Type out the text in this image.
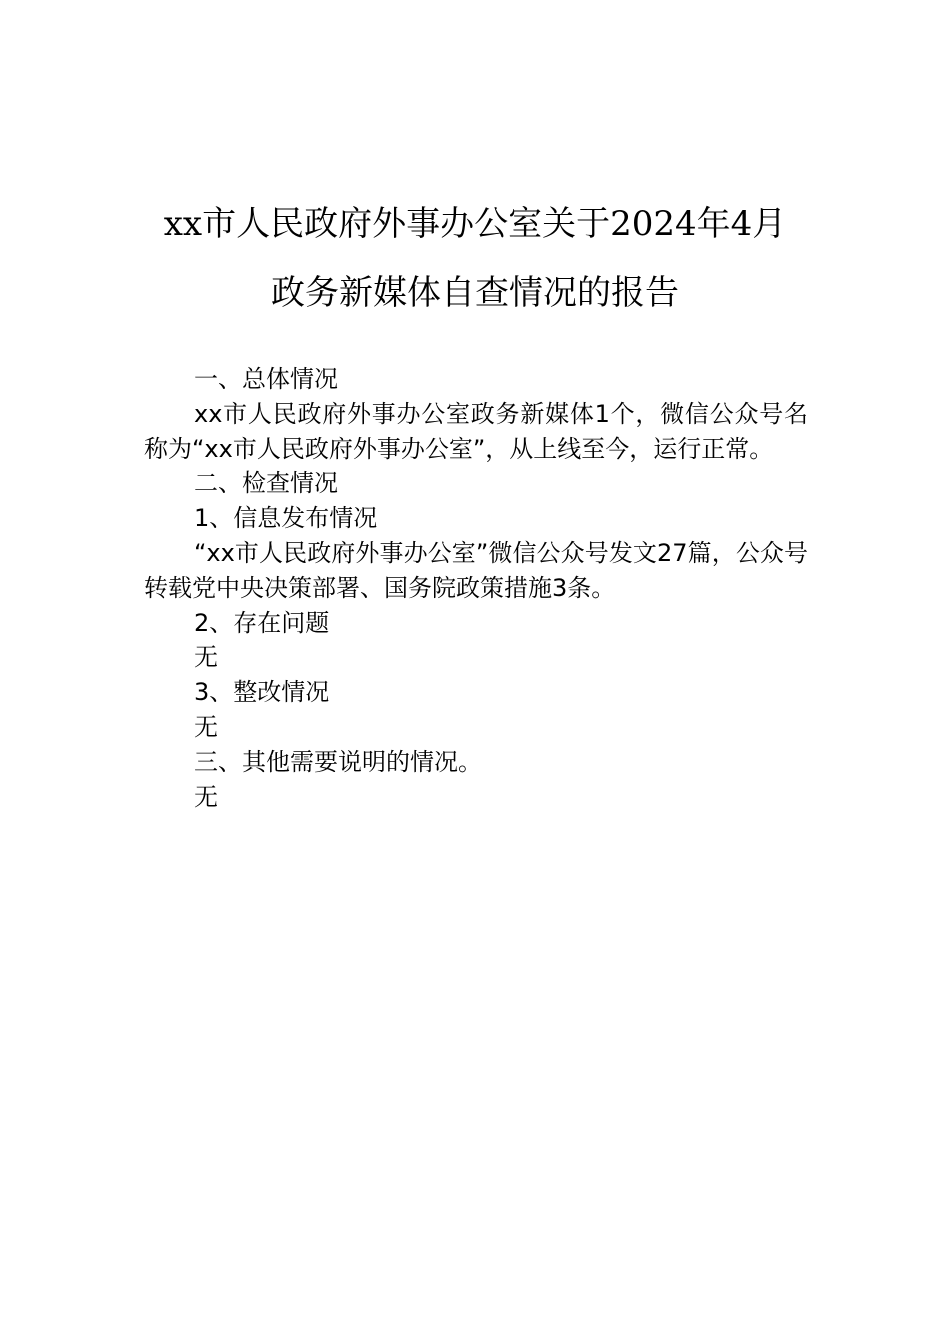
xx市人民政府外事办公室关于2024年4月
政务新媒体自查情况的报告

一、总体情况

xx市人民政府外事办公室政务新媒体1个，微信公众号名称为“xx市人民政府外事办公室”，从上线至今，运行正常。

二、检查情况

1、信息发布情况

“xx市人民政府外事办公室”微信公众号发文27篇，公众号转载党中央决策部署、国务院政策措施3条。

2、存在问题

无

3、整改情况

无

三、其他需要说明的情况。

无
